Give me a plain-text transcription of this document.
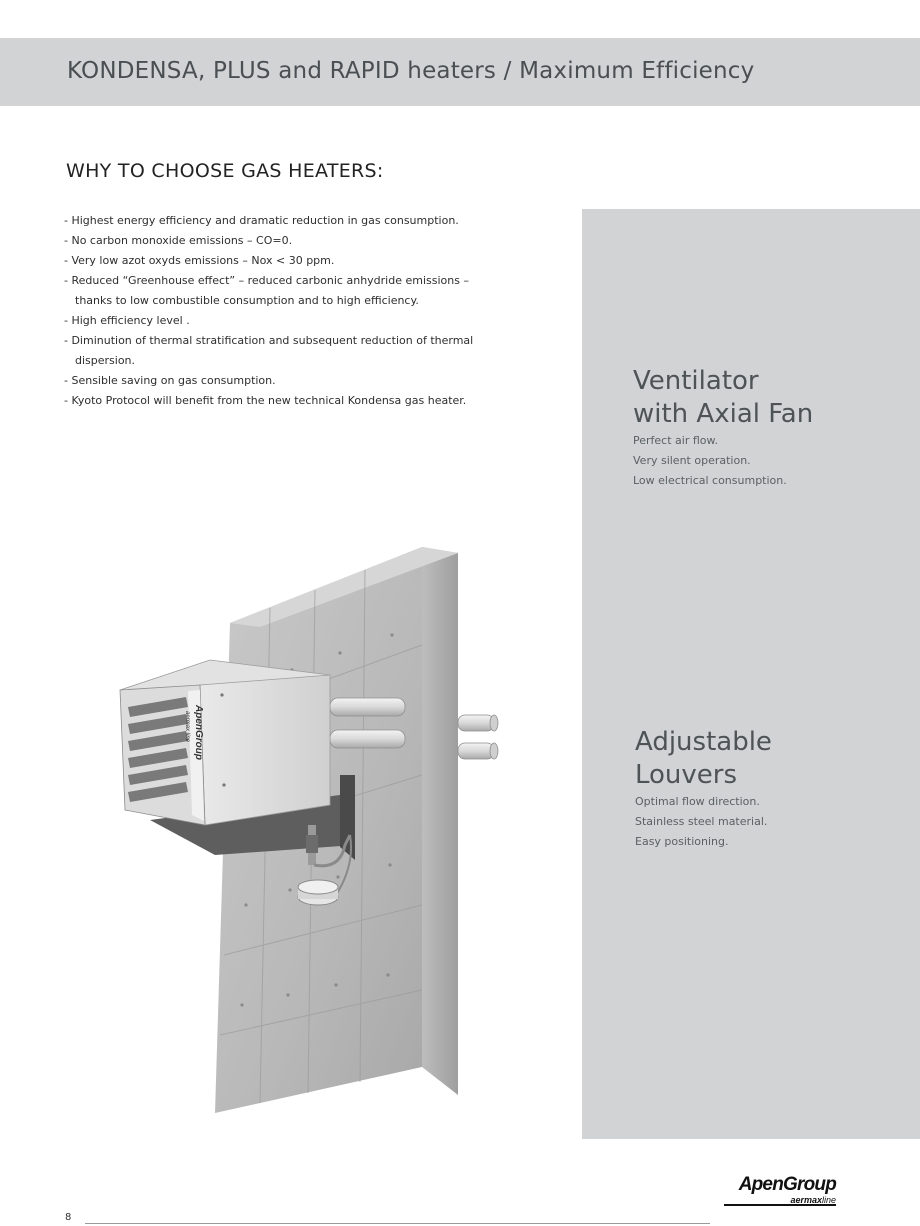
KONDENSA, PLUS and RAPID heaters / Maximum Efficiency
WHY TO CHOOSE GAS HEATERS:
- Highest energy efficiency and dramatic reduction in gas consumption.
- No carbon monoxide emissions – CO=0.
- Very low azot oxyds emissions – Nox < 30 ppm.
- Reduced “Greenhouse effect” – reduced carbonic anhydride emissions – thanks to low combustible consumption and to high efficiency.
- High efficiency level .
- Diminution of thermal stratification and subsequent reduction of thermal dispersion.
- Sensible saving on gas consumption.
- Kyoto Protocol will benefit from the new technical Kondensa gas heater.
Ventilator
with Axial Fan
Perfect air flow.
Very silent operation.
Low electrical consumption.
Adjustable
Louvers
Optimal flow direction.
Stainless steel material.
Easy positioning.
ApenGroup
aermax line
8
ApenGroup
aermaxline
